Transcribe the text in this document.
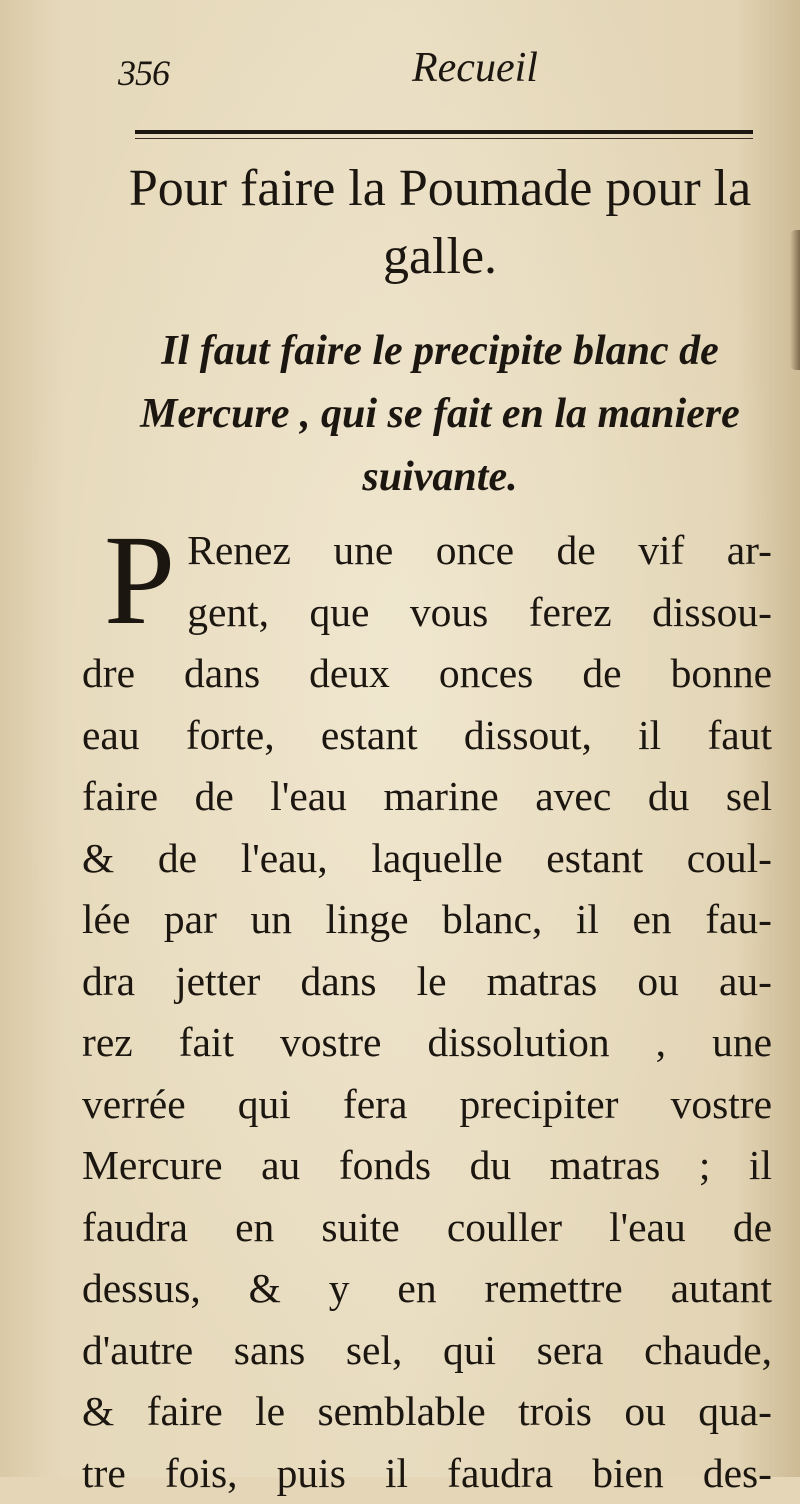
356	Recueil
Pour faire la Poumade pour la galle.
Il faut faire le precipite blanc de Mercure , qui se fait en la maniere suivante.
P Renez une once de vif ar-
gent, que vous ferez dissou-
dre dans deux onces de bonne
eau forte, estant dissout, il faut
faire de l'eau marine avec du sel
& de l'eau, laquelle estant coul-
lée par un linge blanc, il en fau-
dra jetter dans le matras ou au-
rez fait vostre dissolution , une
verrée qui fera precipiter vostre
Mercure au fonds du matras ; il
faudra en suite couller l'eau de
dessus, & y en remettre autant
d'autre sans sel, qui sera chaude,
& faire le semblable trois ou qua-
tre fois, puis il faudra bien des-
